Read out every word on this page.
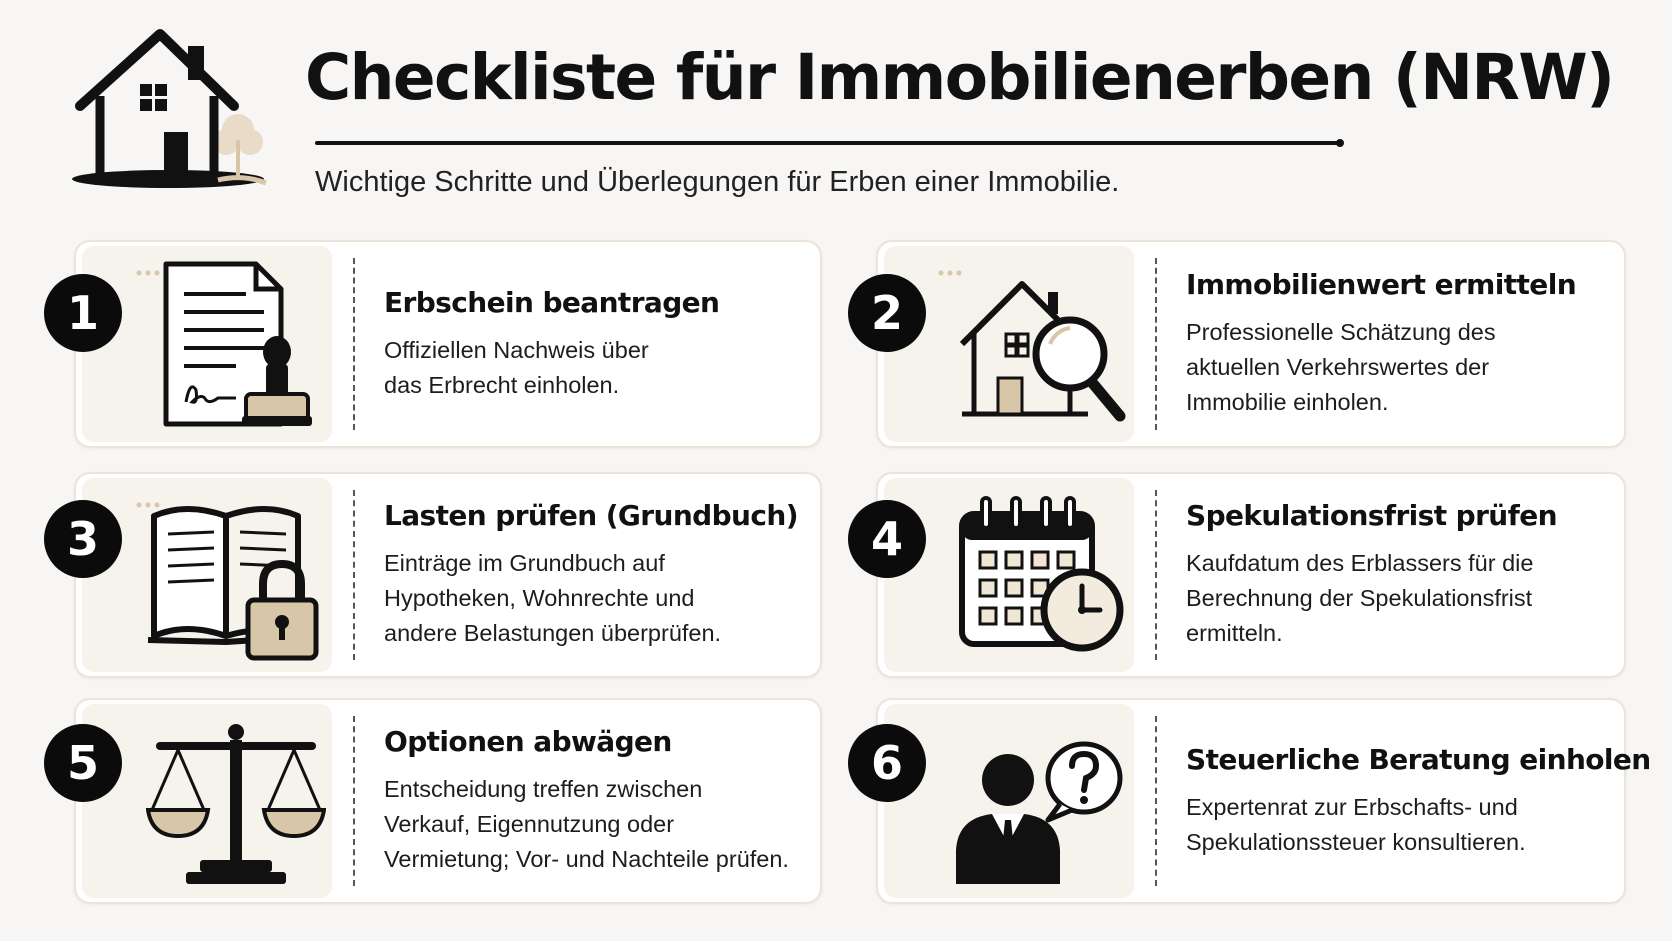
Checkliste für Immobilienerben (NRW)

Wichtige Schritte und Überlegungen für Erben einer Immobilie.

Erbschein beantragen

Offiziellen Nachweis über
das Erbrecht einholen.

1
Immobilienwert ermitteln

Professionelle Schätzung des
aktuellen Verkehrswertes der
Immobilie einholen.

2
Lasten prüfen (Grundbuch)

Einträge im Grundbuch auf
Hypotheken, Wohnrechte und
andere Belastungen überprüfen.

3	Spekulationsfrist prüfen

Kaufdatum des Erblassers für die
Berechnung der Spekulationsfrist
ermitteln.

4
Optionen abwägen

Entscheidung treffen zwischen
Verkauf, Eigennutzung oder
Vermietung; Vor- und Nachteile prüfen.

5	Steuerliche Beratung einholen

Expertenrat zur Erbschafts- und
Spekulationssteuer konsultieren.

6
